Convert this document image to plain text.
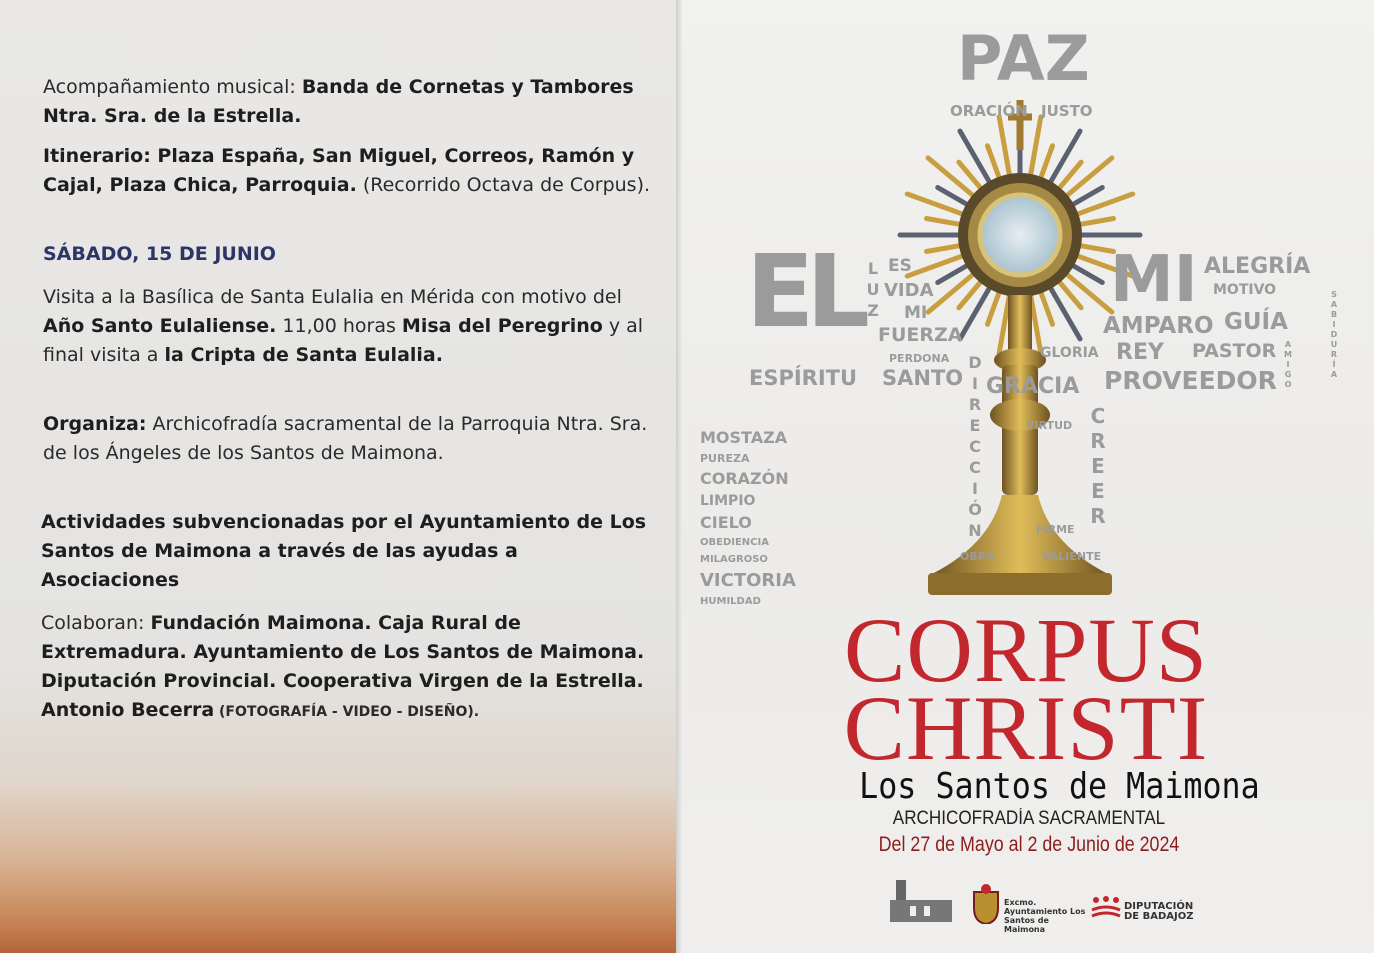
Acompañamiento musical: Banda de Cornetas y Tambores Ntra. Sra. de la Estrella.
Itinerario: Plaza España, San Miguel, Correos, Ramón y Cajal, Plaza Chica, Parroquia. (Recorrido Octava de Corpus).
SÁBADO, 15 DE JUNIO
Visita a la Basílica de Santa Eulalia en Mérida con motivo del Año Santo Eulaliense. 11,00 horas Misa del Peregrino y al final visita a la Cripta de Santa Eulalia.
Organiza: Archicofradía sacramental de la Parroquia Ntra. Sra. de los Ángeles de los Santos de Maimona.
Actividades subvencionadas por el Ayuntamiento de Los Santos de Maimona a través de las ayudas a Asociaciones
Colaboran: Fundación Maimona. Caja Rural de Extremadura. Ayuntamiento de Los Santos de Maimona. Diputación Provincial. Cooperativa Virgen de la Estrella. Antonio Becerra (FOTOGRAFÍA - VIDEO - DISEÑO).
PAZ
ORACIÓN JUSTO
EL	MI
LUZ
ES
VIDA
MI
FUERZA
PERDONA
ESPÍRITU SANTO
ALEGRÍA
MOTIVO
AMPARO GUÍA
REY PASTOR
PROVEEDOR
AMIGO
SABIDURÍA
DIRECCIÓN
CREER
GLORIA
GRACIA
VIRTUD
FIRME
OBRA	VALIENTE
MOSTAZA
PUREZA
CORAZÓN
LIMPIO
CIELO
OBEDIENCIA
MILAGROSO
VICTORIA
HUMILDAD CORPUS
CHRISTI
Los Santos de Maimona
ARCHICOFRADÍA SACRAMENTAL
Del 27 de Mayo al 2 de Junio de 2024
Excmo. Ayuntamiento Los Santos de Maimona
DIPUTACIÓN DE BADAJOZ
